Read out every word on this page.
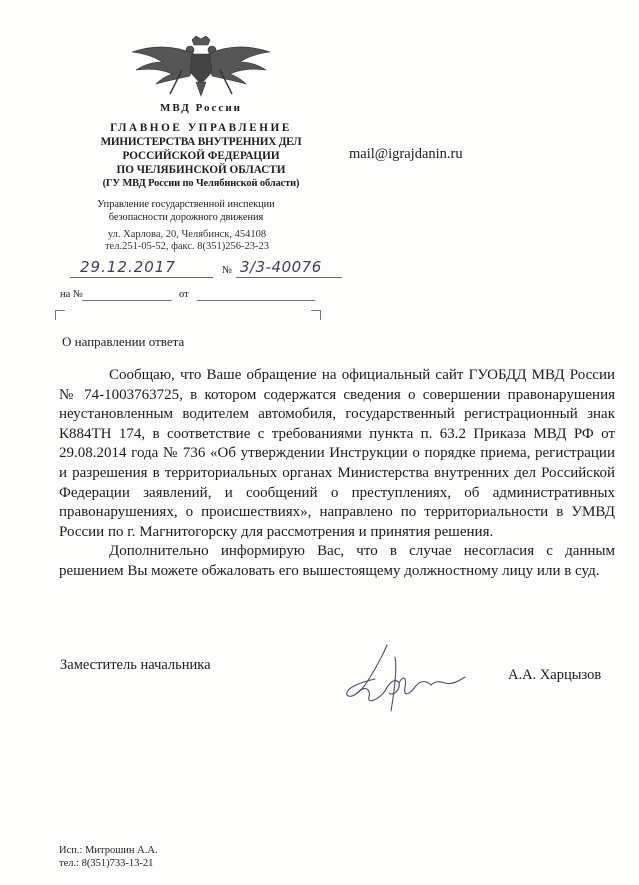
МВД России
ГЛАВНОЕ УПРАВЛЕНИЕ
МИНИСТЕРСТВА ВНУТРЕННИХ ДЕЛ
РОССИЙСКОЙ ФЕДЕРАЦИИ
ПО ЧЕЛЯБИНСКОЙ ОБЛАСТИ
(ГУ МВД России по Челябинской области)
Управление государственной инспекции
безопасности дорожного движения
ул. Харлова, 20, Челябинск, 454108
тел.251-05-52, факс. 8(351)256-23-23
mail@igrajdanin.ru
29.12.2017	№ 3/3-40076
на №	от
О направлении ответа

Сообщаю, что Ваше обращение на официальный сайт ГУОБДД МВД России № 74-1003763725, в котором содержатся сведения о совершении правонарушения неустановленным водителем автомобиля, государственный регистрационный знак К884ТН 174, в соответствие с требованиями пункта п. 63.2 Приказа МВД РФ от 29.08.2014 года № 736 «Об утверждении Инструкции о порядке приема, регистрации и разрешения в территориальных органах Министерства внутренних дел Российской Федерации заявлений, и сообщений о преступлениях, об административных правонарушениях, о происшествиях», направлено по территориальности в УМВД России по г. Магнитогорску для рассмотрения и принятия решения.

Дополнительно информирую Вас, что в случае несогласия с данным решением Вы можете обжаловать его вышестоящему должностному лицу или в суд.

Заместитель начальника
А.А. Харцызов
Исп.: Митрошин А.А.
тел.: 8(351)733-13-21
